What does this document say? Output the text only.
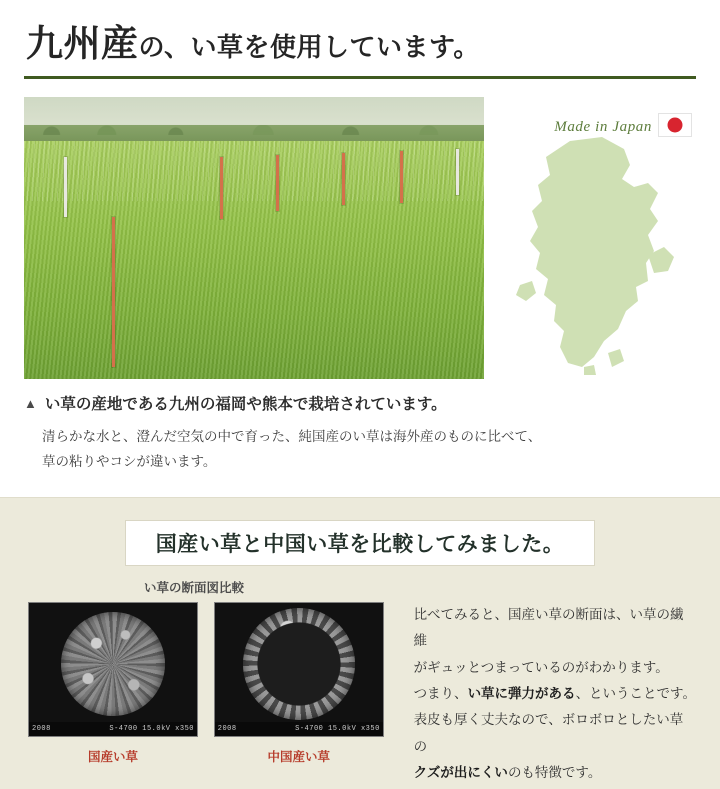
九州産の、い草を使用しています。
Made in Japan
▲ い草の産地である九州の福岡や熊本で栽培されています。
清らかな水と、澄んだ空気の中で育った、純国産のい草は海外産のものに比べて、
草の粘りやコシが違います。
国産い草と中国い草を比較してみました。
い草の断面図比較
2008	S-4700 15.0kV x350
国産い草
2008	S-4700 15.0kV x350
中国産い草
比べてみると、国産い草の断面は、い草の繊維
がギュッとつまっているのがわかります。
つまり、い草に弾力がある、ということです。
表皮も厚く丈夫なので、ボロボロとしたい草の
クズが出にくいのも特徴です。
